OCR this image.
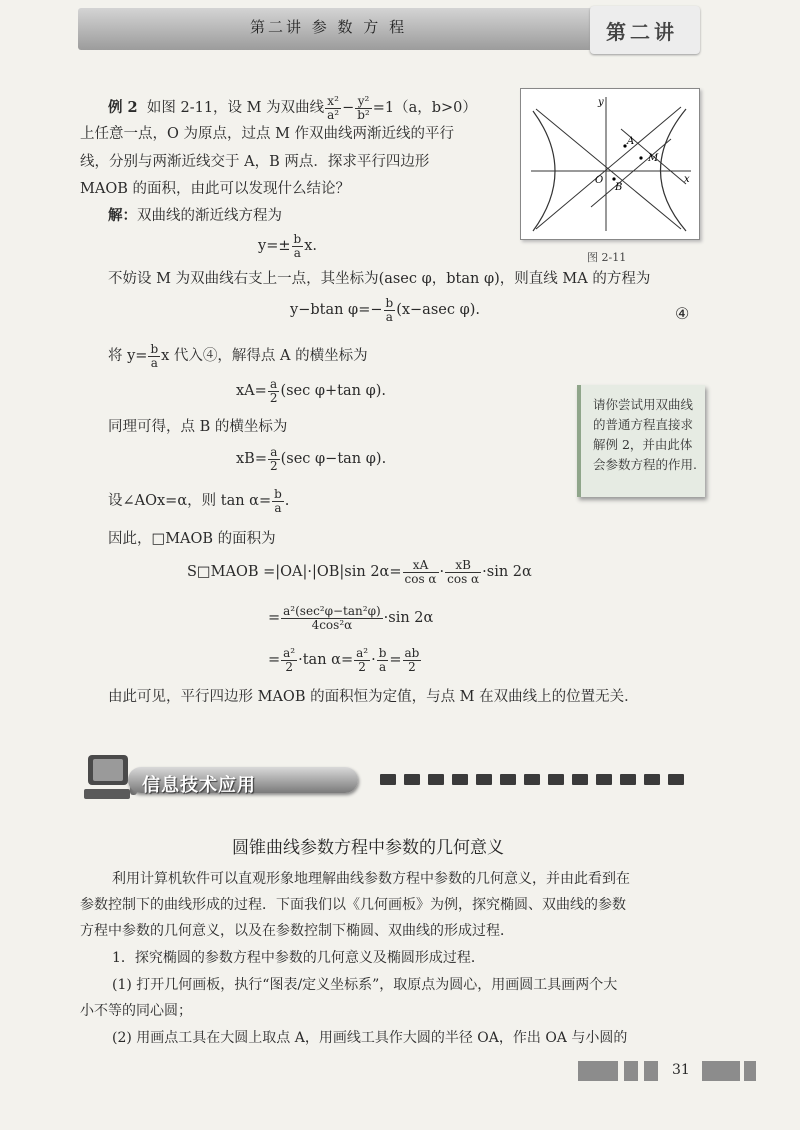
第二讲 参 数 方 程	第二讲
例 2 如图 2-11，设 M 为双曲线 $\frac{\text{x²}}{\text{a²}} - \frac{\text{y²}}{\text{b²}} =1(a$，b>0）
上任意一点，O 为原点，过点 M 作双曲线两渐近线的平行
线，分别与两渐近线交于 A，B 两点．探求平行四边形
MAOB 的面积，由此可以发现什么结论？
解：双曲线的渐近线方程为
$y=\pm \frac{b}{a} x$.
不妨设 M 为双曲线右支上一点，其坐标为(asec φ，btan φ)，则直线 MA 的方程为
y−btan $\varphi=- \frac{b}{a} (x-asec$ φ).	④
将 $y= \frac{b}{a}$ x 代入④，解得点 A 的横坐标为
$xA= \frac{a}{2} (\sec$ φ+tan φ).
同理可得，点 B 的横坐标为
$xB= \frac{a}{2} (\sec$ φ−tan φ).
设∠AOx=α，则 $\tan \alpha= \frac{b}{a}$ .
因此，□MAOB 的面积为
S□MAOB =|OA|·|OB|sin $2\alpha= \frac{xA}{\text{cos α}} \cdot \frac{xB}{\text{cos α}} \cdot\sin$ 2α
= $\frac{\text{a²(sec²φ−tan²φ)}}{\text{4cos²α}} \cdot\sin$ 2α
= $\frac{\text{a²}}{2} \cdot\tan$ $\alpha= \frac{\text{a²}}{2} \cdot \frac{b}{a} = \frac{ab}{2}$
由此可见，平行四边形 MAOB 的面积恒为定值，与点 M 在双曲线上的位置无关．
y
x
A
M
O
B
图 2-11
请你尝试用双曲线的普通方程直接求解例 2，并由此体会参数方程的作用.
信息技术应用
圆锥曲线参数方程中参数的几何意义
利用计算机软件可以直观形象地理解曲线参数方程中参数的几何意义，并由此看到在
参数控制下的曲线形成的过程．下面我们以《几何画板》为例，探究椭圆、双曲线的参数
方程中参数的几何意义，以及在参数控制下椭圆、双曲线的形成过程．
1．探究椭圆的参数方程中参数的几何意义及椭圆形成过程．
(1) 打开几何画板，执行“图表/定义坐标系”，取原点为圆心，用画圆工具画两个大
小不等的同心圆；
(2) 用画点工具在大圆上取点 A，用画线工具作大圆的半径 OA，作出 OA 与小圆的
31
